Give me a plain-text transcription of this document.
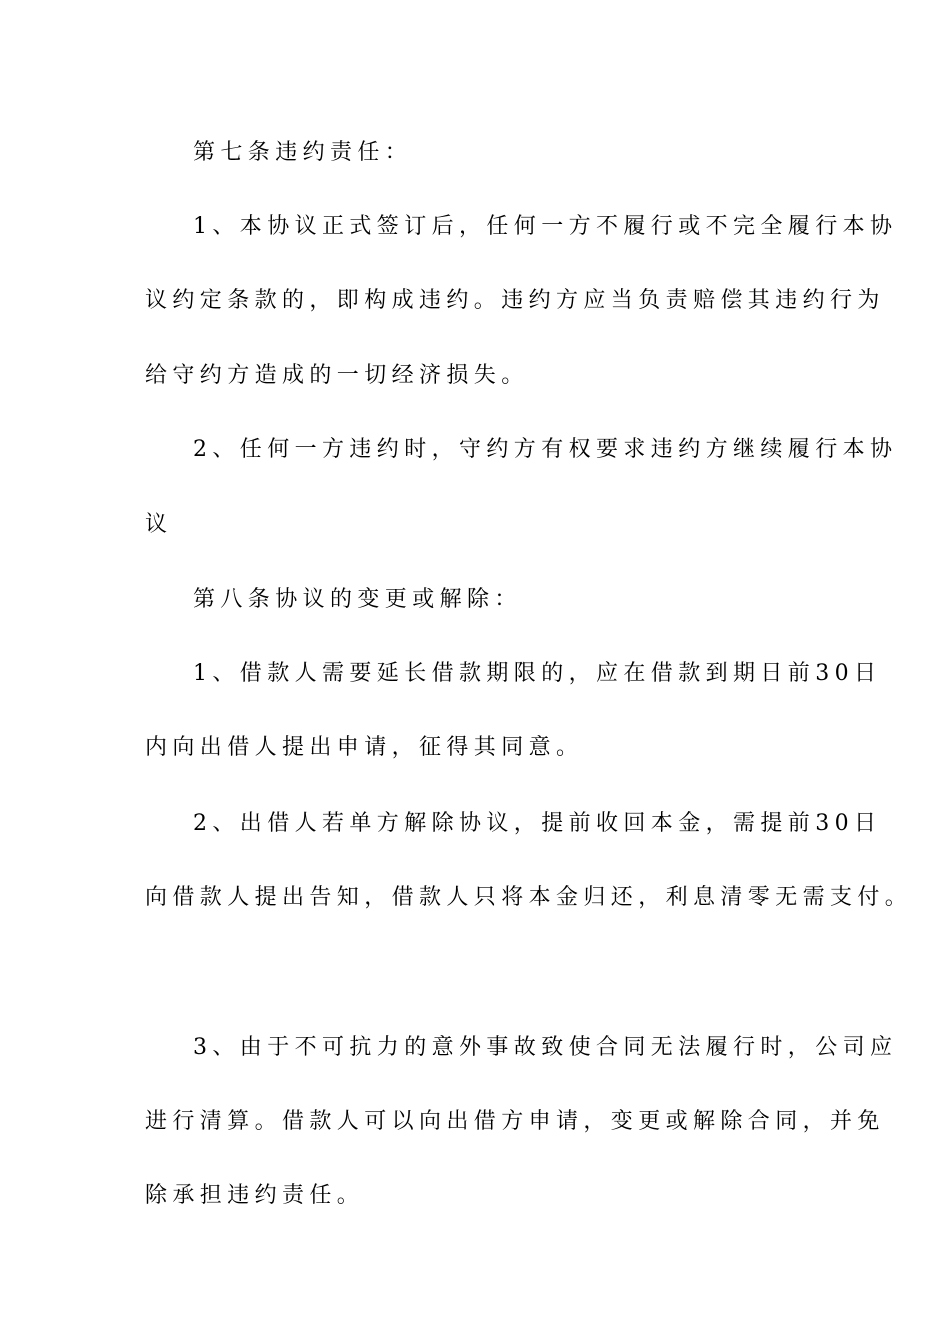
第七条违约责任：
1、本协议正式签订后，任何一方不履行或不完全履行本协
议约定条款的，即构成违约。违约方应当负责赔偿其违约行为
给守约方造成的一切经济损失。
2、任何一方违约时，守约方有权要求违约方继续履行本协
议
第八条协议的变更或解除：
1、借款人需要延长借款期限的，应在借款到期日前30日
内向出借人提出申请，征得其同意。
2、出借人若单方解除协议，提前收回本金，需提前30日
向借款人提出告知，借款人只将本金归还，利息清零无需支付。
3、由于不可抗力的意外事故致使合同无法履行时，公司应
进行清算。借款人可以向出借方申请，变更或解除合同，并免
除承担违约责任。
